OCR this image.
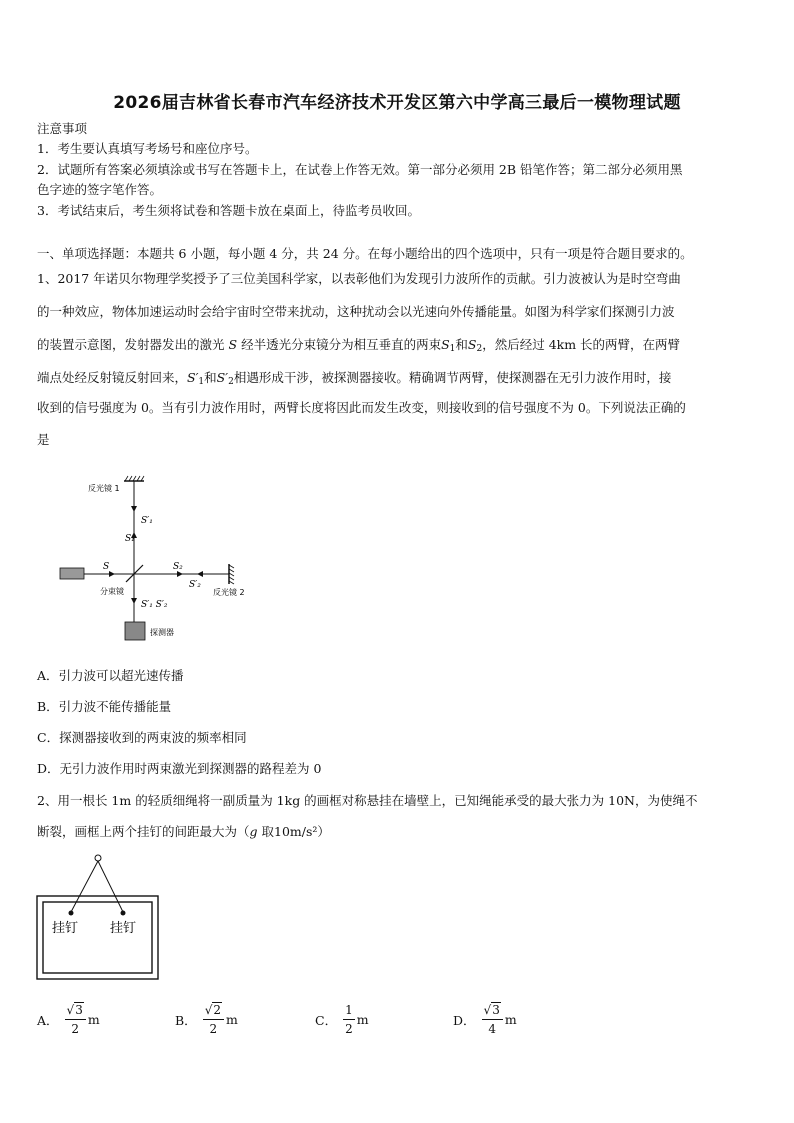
2026届吉林省长春市汽车经济技术开发区第六中学高三最后一模物理试题
注意事项
1．考生要认真填写考场号和座位序号。
2．试题所有答案必须填涂或书写在答题卡上，在试卷上作答无效。第一部分必须用 2B 铅笔作答；第二部分必须用黑
色字迹的签字笔作答。
3．考试结束后，考生须将试卷和答题卡放在桌面上，待监考员收回。
一、单项选择题：本题共 6 小题，每小题 4 分，共 24 分。在每小题给出的四个选项中，只有一项是符合题目要求的。
1、2017 年诺贝尔物理学奖授予了三位美国科学家，以表彰他们为发现引力波所作的贡献。引力波被认为是时空弯曲
的一种效应，物体加速运动时会给宇宙时空带来扰动，这种扰动会以光速向外传播能量。如图为科学家们探测引力波
的装置示意图，发射器发出的激光 S 经半透光分束镜分为相互垂直的两束$S_1$和$S_2$，然后经过 4km 长的两臂，在两臂
端点处经反射镜反射回来，$S'_1$和$S'_2$相遇形成干涉，被探测器接收。精确调节两臂，使探测器在无引力波作用时，接
收到的信号强度为 0。当有引力波作用时，两臂长度将因此而发生改变，则接收到的信号强度不为 0。下列说法正确的
是
反光镜 1
S′₁
S₁
S
分束镜
S₂
S′₂
反光镜 2
S′₁ S′₂
探测器
A．引力波可以超光速传播
B．引力波不能传播能量
C．探测器接收到的两束波的频率相同
D．无引力波作用时两束激光到探测器的路程差为 0
2、用一根长 1m 的轻质细绳将一副质量为 1kg 的画框对称悬挂在墙壁上，已知绳能承受的最大张力为 10N，为使绳不
断裂，画框上两个挂钉的间距最大为（g 取10m/s²）
挂钉 挂钉
A． $\frac{√3}{2}$ m	B． $\frac{√2}{2}$ m	C． $\frac{1}{2}$ m	D． $\frac{√3}{4}$ m
